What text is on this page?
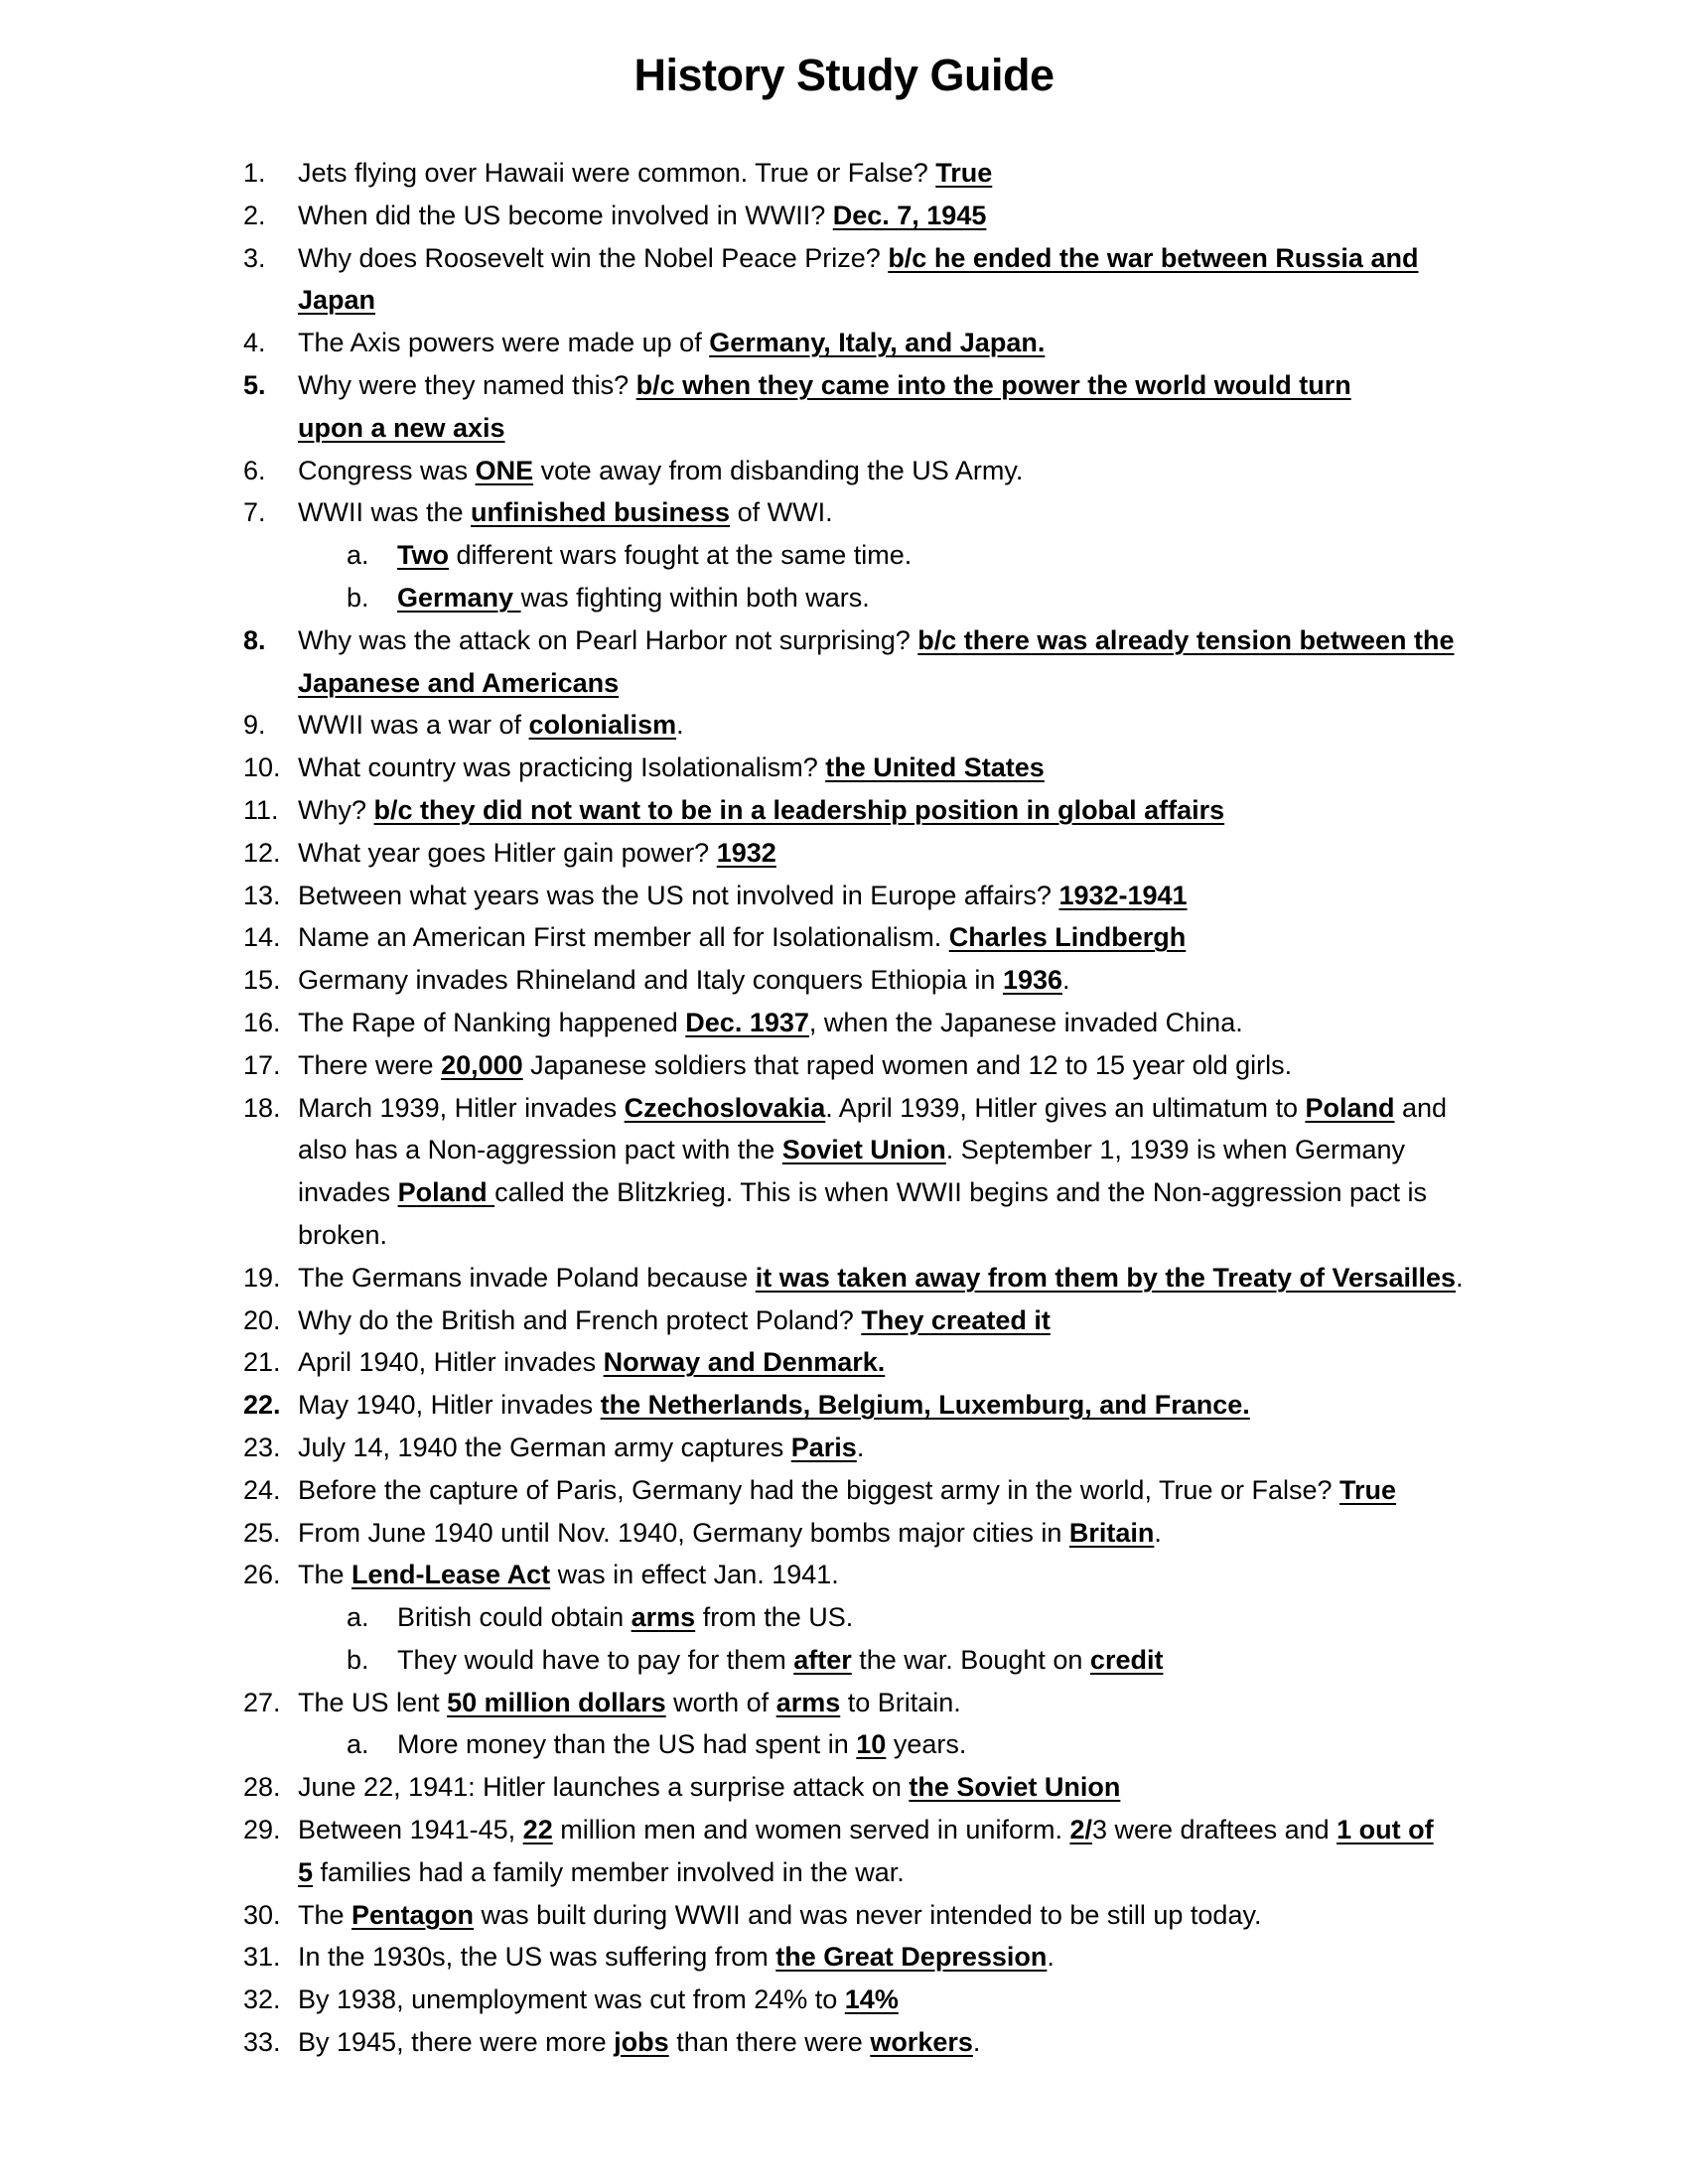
History Study Guide
1.	Jets flying over Hawaii were common. True or False? True
2.	When did the US become involved in WWII? Dec. 7, 1945
3.	Why does Roosevelt win the Nobel Peace Prize? b/c he ended the war between Russia and
Japan
4.	The Axis powers were made up of Germany, Italy, and Japan.
5.	Why were they named this? b/c when they came into the power the world would turn
upon a new axis
6.	Congress was ONE vote away from disbanding the US Army.
7.	WWII was the unfinished business of WWI.
a. Two different wars fought at the same time.
b. Germany was fighting within both wars.
8.	Why was the attack on Pearl Harbor not surprising? b/c there was already tension between the
Japanese and Americans
9.	WWII was a war of colonialism.
10. What country was practicing Isolationalism? the United States
11. Why? b/c they did not want to be in a leadership position in global affairs
12. What year goes Hitler gain power? 1932
13. Between what years was the US not involved in Europe affairs? 1932-1941
14. Name an American First member all for Isolationalism. Charles Lindbergh
15. Germany invades Rhineland and Italy conquers Ethiopia in 1936.
16. The Rape of Nanking happened Dec. 1937, when the Japanese invaded China.
17. There were 20,000 Japanese soldiers that raped women and 12 to 15 year old girls.
18. March 1939, Hitler invades Czechoslovakia. April 1939, Hitler gives an ultimatum to Poland and
also has a Non-aggression pact with the Soviet Union. September 1, 1939 is when Germany
invades Poland called the Blitzkrieg. This is when WWII begins and the Non-aggression pact is
broken.
19. The Germans invade Poland because it was taken away from them by the Treaty of Versailles.
20. Why do the British and French protect Poland? They created it
21. April 1940, Hitler invades Norway and Denmark.
22. May 1940, Hitler invades the Netherlands, Belgium, Luxemburg, and France.
23. July 14, 1940 the German army captures Paris.
24. Before the capture of Paris, Germany had the biggest army in the world, True or False? True
25. From June 1940 until Nov. 1940, Germany bombs major cities in Britain.
26. The Lend-Lease Act was in effect Jan. 1941.
a. British could obtain arms from the US.
b. They would have to pay for them after the war. Bought on credit
27. The US lent 50 million dollars worth of arms to Britain.
a. More money than the US had spent in 10 years.
28. June 22, 1941: Hitler launches a surprise attack on the Soviet Union
29. Between 1941-45, 22 million men and women served in uniform. 2/3 were draftees and 1 out of
5 families had a family member involved in the war.
30. The Pentagon was built during WWII and was never intended to be still up today.
31. In the 1930s, the US was suffering from the Great Depression.
32. By 1938, unemployment was cut from 24% to 14%
33. By 1945, there were more jobs than there were workers.
